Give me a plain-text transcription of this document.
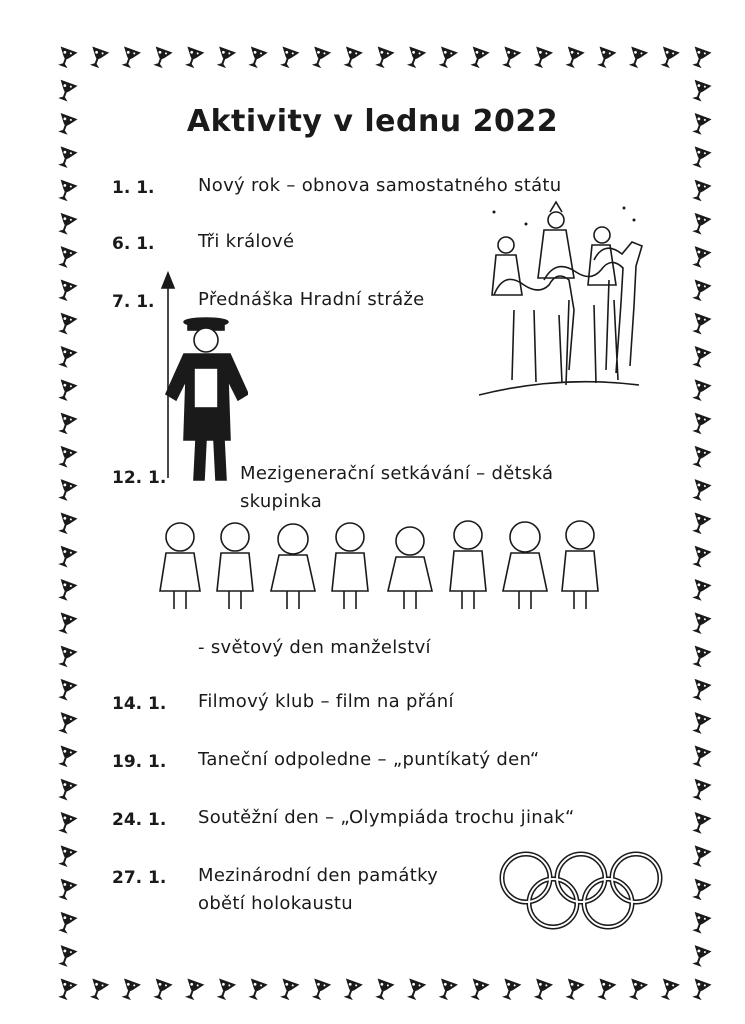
Aktivity v lednu 2022
1. 1. Nový rok – obnova samostatného státu
6. 1. Tři králové
7. 1. Přednáška Hradní stráže
12. 1.	Mezigenerační setkávání – dětská
skupinka
- světový den manželství
14. 1. Filmový klub – film na přání
19. 1. Taneční odpoledne – „puntíkatý den“
24. 1. Soutěžní den – „Olympiáda trochu jinak“
27. 1. Mezinárodní den památky
obětí holokaustu
